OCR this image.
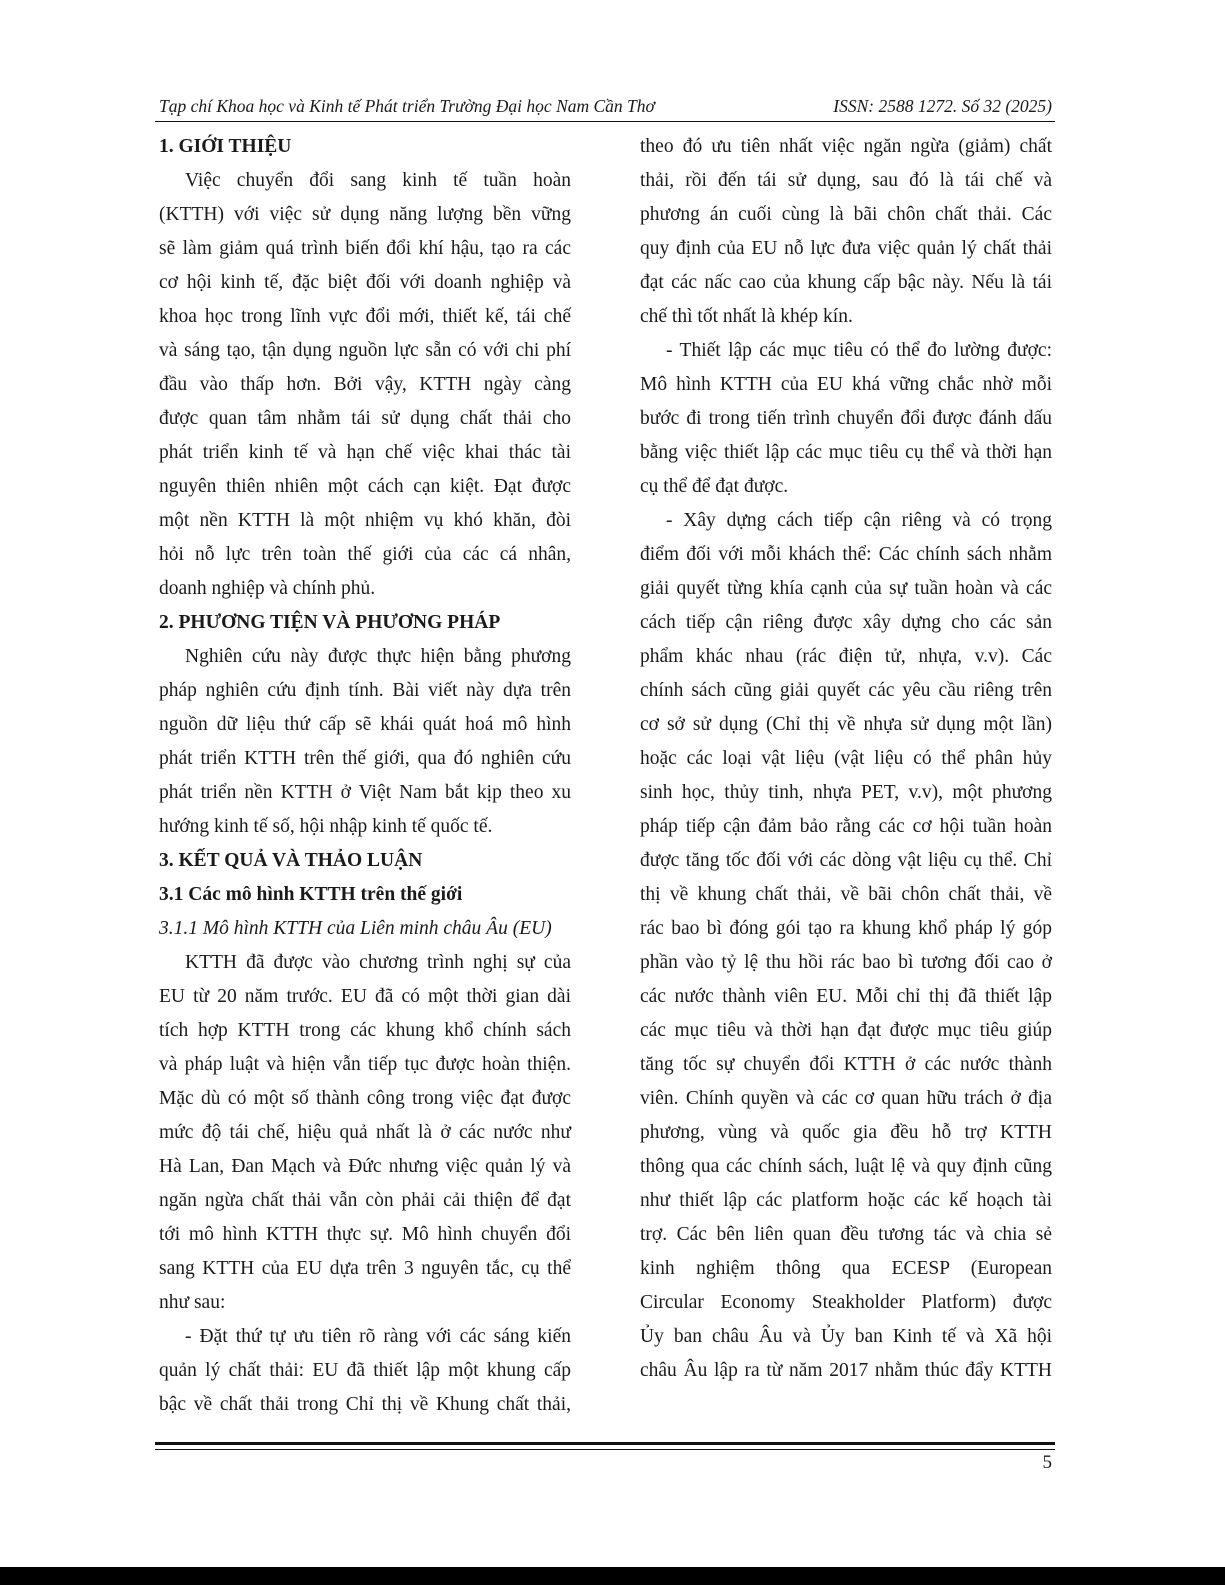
Tạp chí Khoa học và Kinh tế Phát triển Trường Đại học Nam Cần Thơ	ISSN: 2588 1272. Số 32 (2025)
1. GIỚI THIỆU
Việc chuyển đổi sang kinh tế tuần hoàn
(KTTH) với việc sử dụng năng lượng bền vững
sẽ làm giảm quá trình biến đổi khí hậu, tạo ra các
cơ hội kinh tế, đặc biệt đối với doanh nghiệp và
khoa học trong lĩnh vực đổi mới, thiết kế, tái chế
và sáng tạo, tận dụng nguồn lực sẵn có với chi phí
đầu vào thấp hơn. Bởi vậy, KTTH ngày càng
được quan tâm nhằm tái sử dụng chất thải cho
phát triển kinh tế và hạn chế việc khai thác tài
nguyên thiên nhiên một cách cạn kiệt. Đạt được
một nền KTTH là một nhiệm vụ khó khăn, đòi
hỏi nỗ lực trên toàn thế giới của các cá nhân,
doanh nghiệp và chính phủ.
2. PHƯƠNG TIỆN VÀ PHƯƠNG PHÁP
Nghiên cứu này được thực hiện bằng phương
pháp nghiên cứu định tính. Bài viết này dựa trên
nguồn dữ liệu thứ cấp sẽ khái quát hoá mô hình
phát triển KTTH trên thế giới, qua đó nghiên cứu
phát triển nền KTTH ở Việt Nam bắt kịp theo xu
hướng kinh tế số, hội nhập kinh tế quốc tế.
3. KẾT QUẢ VÀ THẢO LUẬN
3.1 Các mô hình KTTH trên thế giới
3.1.1 Mô hình KTTH của Liên minh châu Âu (EU)
KTTH đã được vào chương trình nghị sự của
EU từ 20 năm trước. EU đã có một thời gian dài
tích hợp KTTH trong các khung khổ chính sách
và pháp luật và hiện vẫn tiếp tục được hoàn thiện.
Mặc dù có một số thành công trong việc đạt được
mức độ tái chế, hiệu quả nhất là ở các nước như
Hà Lan, Đan Mạch và Đức nhưng việc quản lý và
ngăn ngừa chất thải vẫn còn phải cải thiện để đạt
tới mô hình KTTH thực sự. Mô hình chuyển đổi
sang KTTH của EU dựa trên 3 nguyên tắc, cụ thể
như sau:
- Đặt thứ tự ưu tiên rõ ràng với các sáng kiến
quản lý chất thải: EU đã thiết lập một khung cấp
bậc về chất thải trong Chỉ thị về Khung chất thải,
theo đó ưu tiên nhất việc ngăn ngừa (giảm) chất
thải, rồi đến tái sử dụng, sau đó là tái chế và
phương án cuối cùng là bãi chôn chất thải. Các
quy định của EU nỗ lực đưa việc quản lý chất thải
đạt các nấc cao của khung cấp bậc này. Nếu là tái
chế thì tốt nhất là khép kín.
- Thiết lập các mục tiêu có thể đo lường được:
Mô hình KTTH của EU khá vững chắc nhờ mỗi
bước đi trong tiến trình chuyển đổi được đánh dấu
bằng việc thiết lập các mục tiêu cụ thể và thời hạn
cụ thể để đạt được.
- Xây dựng cách tiếp cận riêng và có trọng
điểm đối với mỗi khách thể: Các chính sách nhằm
giải quyết từng khía cạnh của sự tuần hoàn và các
cách tiếp cận riêng được xây dựng cho các sản
phẩm khác nhau (rác điện tử, nhựa, v.v). Các
chính sách cũng giải quyết các yêu cầu riêng trên
cơ sở sử dụng (Chỉ thị về nhựa sử dụng một lần)
hoặc các loại vật liệu (vật liệu có thể phân hủy
sinh học, thủy tinh, nhựa PET, v.v), một phương
pháp tiếp cận đảm bảo rằng các cơ hội tuần hoàn
được tăng tốc đối với các dòng vật liệu cụ thể. Chỉ
thị về khung chất thải, về bãi chôn chất thải, về
rác bao bì đóng gói tạo ra khung khổ pháp lý góp
phần vào tỷ lệ thu hồi rác bao bì tương đối cao ở
các nước thành viên EU. Mỗi chỉ thị đã thiết lập
các mục tiêu và thời hạn đạt được mục tiêu giúp
tăng tốc sự chuyển đổi KTTH ở các nước thành
viên. Chính quyền và các cơ quan hữu trách ở địa
phương, vùng và quốc gia đều hỗ trợ KTTH
thông qua các chính sách, luật lệ và quy định cũng
như thiết lập các platform hoặc các kế hoạch tài
trợ. Các bên liên quan đều tương tác và chia sẻ
kinh nghiệm thông qua ECESP (European
Circular Economy Steakholder Platform) được
Ủy ban châu Âu và Ủy ban Kinh tế và Xã hội
châu Âu lập ra từ năm 2017 nhằm thúc đẩy KTTH
5
